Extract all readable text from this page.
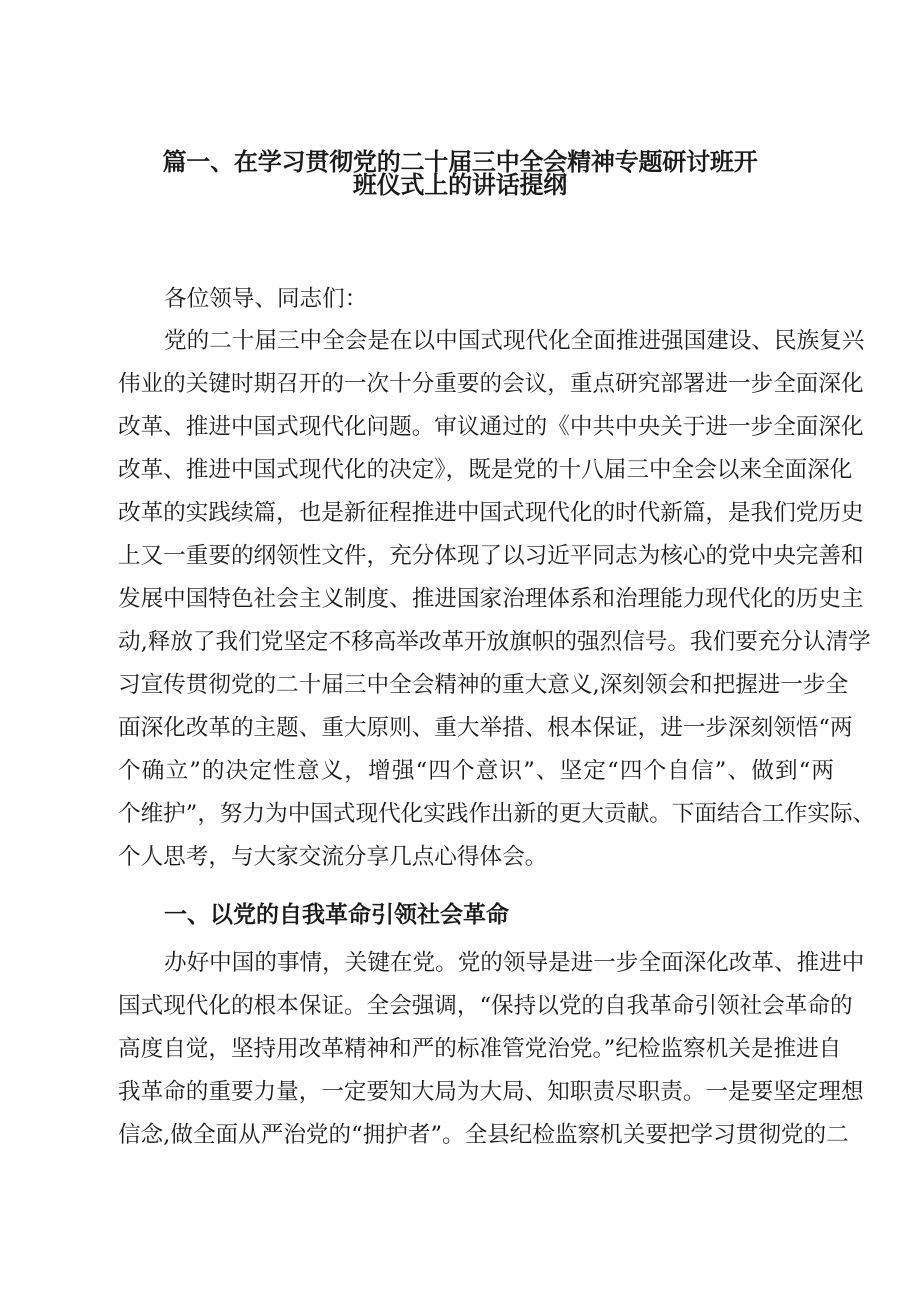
篇一、在学习贯彻党的二十届三中全会精神专题研讨班开
班仪式上的讲话提纲

各位领导、同志们：

党的二十届三中全会是在以中国式现代化全面推进强国建设、民族复兴

伟业的关键时期召开的一次十分重要的会议，重点研究部署进一步全面深化

改革、推进中国式现代化问题。审议通过的《中共中央关于进一步全面深化

改革、推进中国式现代化的决定》，既是党的十八届三中全会以来全面深化

改革的实践续篇，也是新征程推进中国式现代化的时代新篇，是我们党历史

上又一重要的纲领性文件，充分体现了以习近平同志为核心的党中央完善和

发展中国特色社会主义制度、推进国家治理体系和治理能力现代化的历史主

动,释放了我们党坚定不移高举改革开放旗帜的强烈信号。我们要充分认清学

习宣传贯彻党的二十届三中全会精神的重大意义,深刻领会和把握进一步全

面深化改革的主题、重大原则、重大举措、根本保证，进一步深刻领悟“两

个确立”的决定性意义，增强“四个意识”、坚定“四个自信”、做到“两

个维护”，努力为中国式现代化实践作出新的更大贡献。下面结合工作实际、

个人思考，与大家交流分享几点心得体会。

一、以党的自我革命引领社会革命

办好中国的事情，关键在党。党的领导是进一步全面深化改革、推进中

国式现代化的根本保证。全会强调，“保持以党的自我革命引领社会革命的

高度自觉，坚持用改革精神和严的标准管党治党。”纪检监察机关是推进自

我革命的重要力量，一定要知大局为大局、知职责尽职责。一是要坚定理想

信念,做全面从严治党的“拥护者”。全县纪检监察机关要把学习贯彻党的二
